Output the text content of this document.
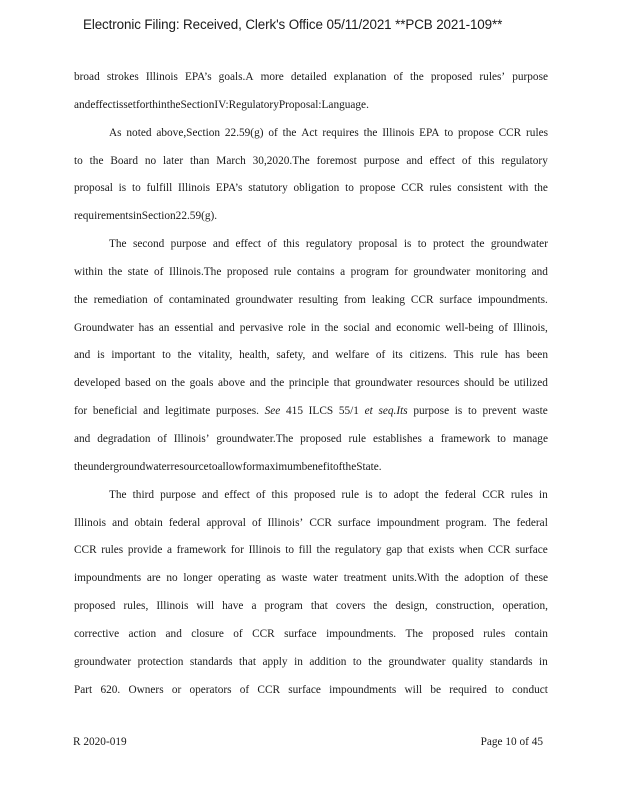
Electronic Filing: Received, Clerk's Office 05/11/2021 **PCB 2021-109**
broad strokes Illinois EPA’s goals.A more detailed explanation of the proposed rules’ purpose
and effect is set forth in the Section IV: Regulatory Proposal: Language.
As noted above,Section 22.59(g) of the Act requires the Illinois EPA to propose CCR rules
to the Board no later than March 30,2020.The foremost purpose and effect of this regulatory
proposal is to fulfill Illinois EPA’s statutory obligation to propose CCR rules consistent with the
requirements in Section 22.59(g).
The second purpose and effect of this regulatory proposal is to protect the groundwater
within the state of Illinois.The proposed rule contains a program for groundwater monitoring and
the remediation of contaminated groundwater resulting from leaking CCR surface impoundments.
Groundwater has an essential and pervasive role in the social and economic well-being of Illinois,
and is important to the vitality, health, safety, and welfare of its citizens. This rule has been
developed based on the goals above and the principle that groundwater resources should be utilized
for beneficial and legitimate purposes. See 415 ILCS 55/1 et seq.Its purpose is to prevent waste
and degradation of Illinois’ groundwater.The proposed rule establishes a framework to manage
the underground water resource to allow for maximum benefit of the State.
The third purpose and effect of this proposed rule is to adopt the federal CCR rules in
Illinois and obtain federal approval of Illinois’ CCR surface impoundment program. The federal
CCR rules provide a framework for Illinois to fill the regulatory gap that exists when CCR surface
impoundments are no longer operating as waste water treatment units.With the adoption of these
proposed rules, Illinois will have a program that covers the design, construction, operation,
corrective action and closure of CCR surface impoundments. The proposed rules contain
groundwater protection standards that apply in addition to the groundwater quality standards in
Part 620. Owners or operators of CCR surface impoundments will be required to conduct
R 2020-019	Page 10 of 45
